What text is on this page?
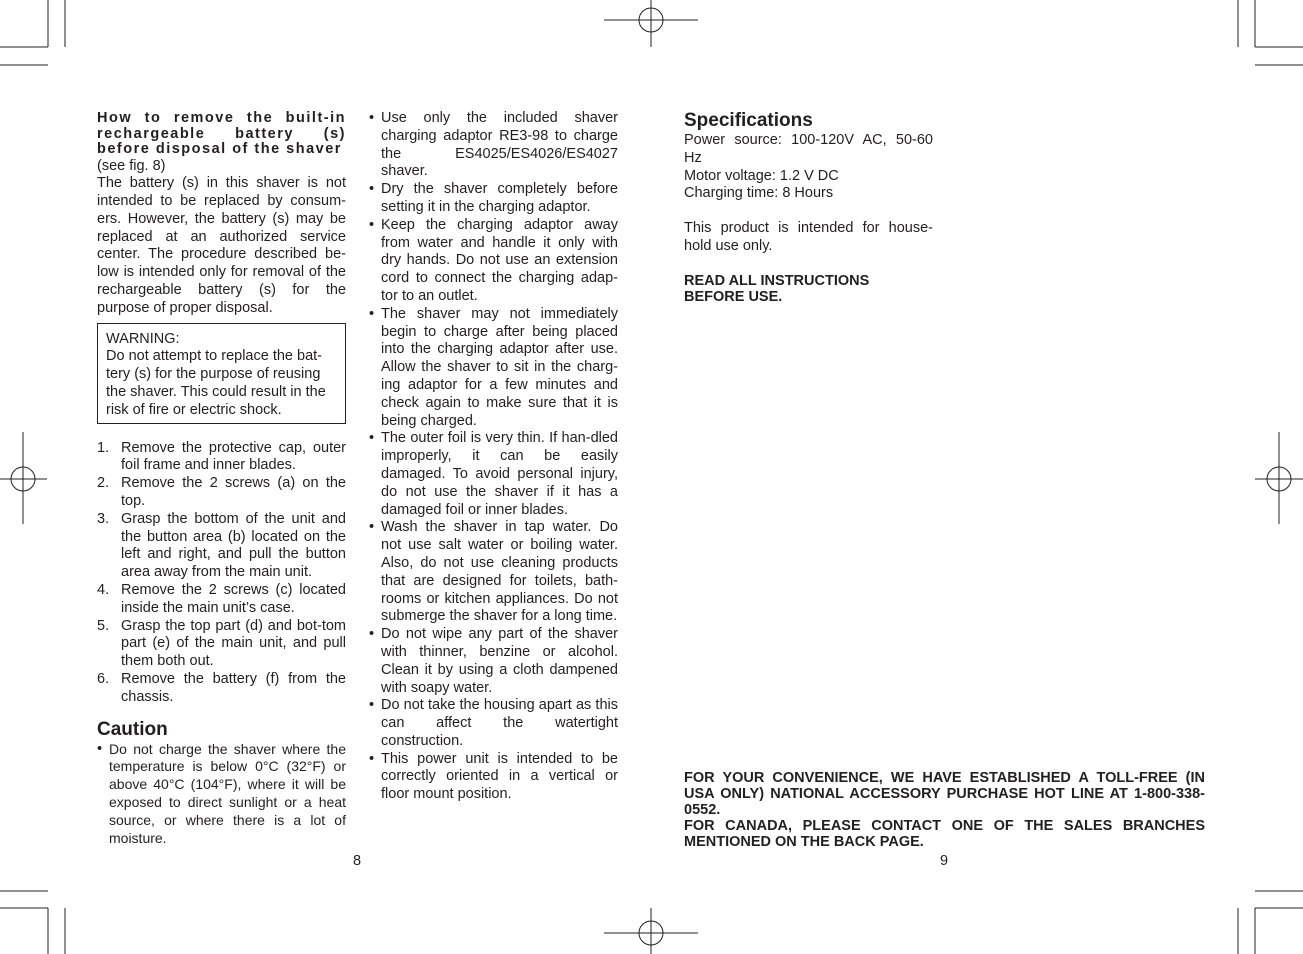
How to remove the built-in rechargeable battery (s) before disposal of the shaver

(see fig. 8)

The battery (s) in this shaver is not intended to be replaced by consum-ers. However, the battery (s) may be replaced at an authorized service center. The procedure described be-low is intended only for removal of the rechargeable battery (s) for the purpose of proper disposal.

WARNING:

Do not attempt to replace the bat-tery (s) for the purpose of reusing the shaver. This could result in the risk of fire or electric shock.

1. Remove the protective cap, outer foil frame and inner blades.
2. Remove the 2 screws (a) on the top.
3. Grasp the bottom of the unit and the button area (b) located on the left and right, and pull the button area away from the main unit.
4. Remove the 2 screws (c) located inside the main unit’s case.
5. Grasp the top part (d) and bot-tom part (e) of the main unit, and pull them both out.
6. Remove the battery (f) from the chassis.
Caution
• Do not charge the shaver where the temperature is below 0°C (32°F) or above 40°C (104°F), where it will be exposed to direct sunlight or a heat source, or where there is a lot of moisture.
• Use only the included shaver charging adaptor RE3-98 to charge the ES4025/ES4026/ES4027 shaver.
• Dry the shaver completely before setting it in the charging adaptor.
• Keep the charging adaptor away from water and handle it only with dry hands. Do not use an extension cord to connect the charging adap-tor to an outlet.
• The shaver may not immediately begin to charge after being placed into the charging adaptor after use. Allow the shaver to sit in the charg-ing adaptor for a few minutes and check again to make sure that it is being charged.
• The outer foil is very thin. If han-dled improperly, it can be easily damaged. To avoid personal injury, do not use the shaver if it has a damaged foil or inner blades.
• Wash the shaver in tap water. Do not use salt water or boiling water. Also, do not use cleaning products that are designed for toilets, bath-rooms or kitchen appliances. Do not submerge the shaver for a long time.
• Do not wipe any part of the shaver with thinner, benzine or alcohol. Clean it by using a cloth dampened with soapy water.
• Do not take the housing apart as this can affect the watertight construction.
• This power unit is intended to be correctly oriented in a vertical or floor mount position.
Specifications

Power source: 100-120V AC, 50-60 Hz

Motor voltage: 1.2 V DC

Charging time: 8 Hours

This product is intended for house-hold use only.

READ ALL INSTRUCTIONS

BEFORE USE.

FOR YOUR CONVENIENCE, WE HAVE ESTABLISHED A TOLL-FREE (IN USA ONLY) NATIONAL ACCESSORY PURCHASE HOT LINE AT 1-800-338-0552.

FOR CANADA, PLEASE CONTACT ONE OF THE SALES BRANCHES MENTIONED ON THE BACK PAGE.

8	9
